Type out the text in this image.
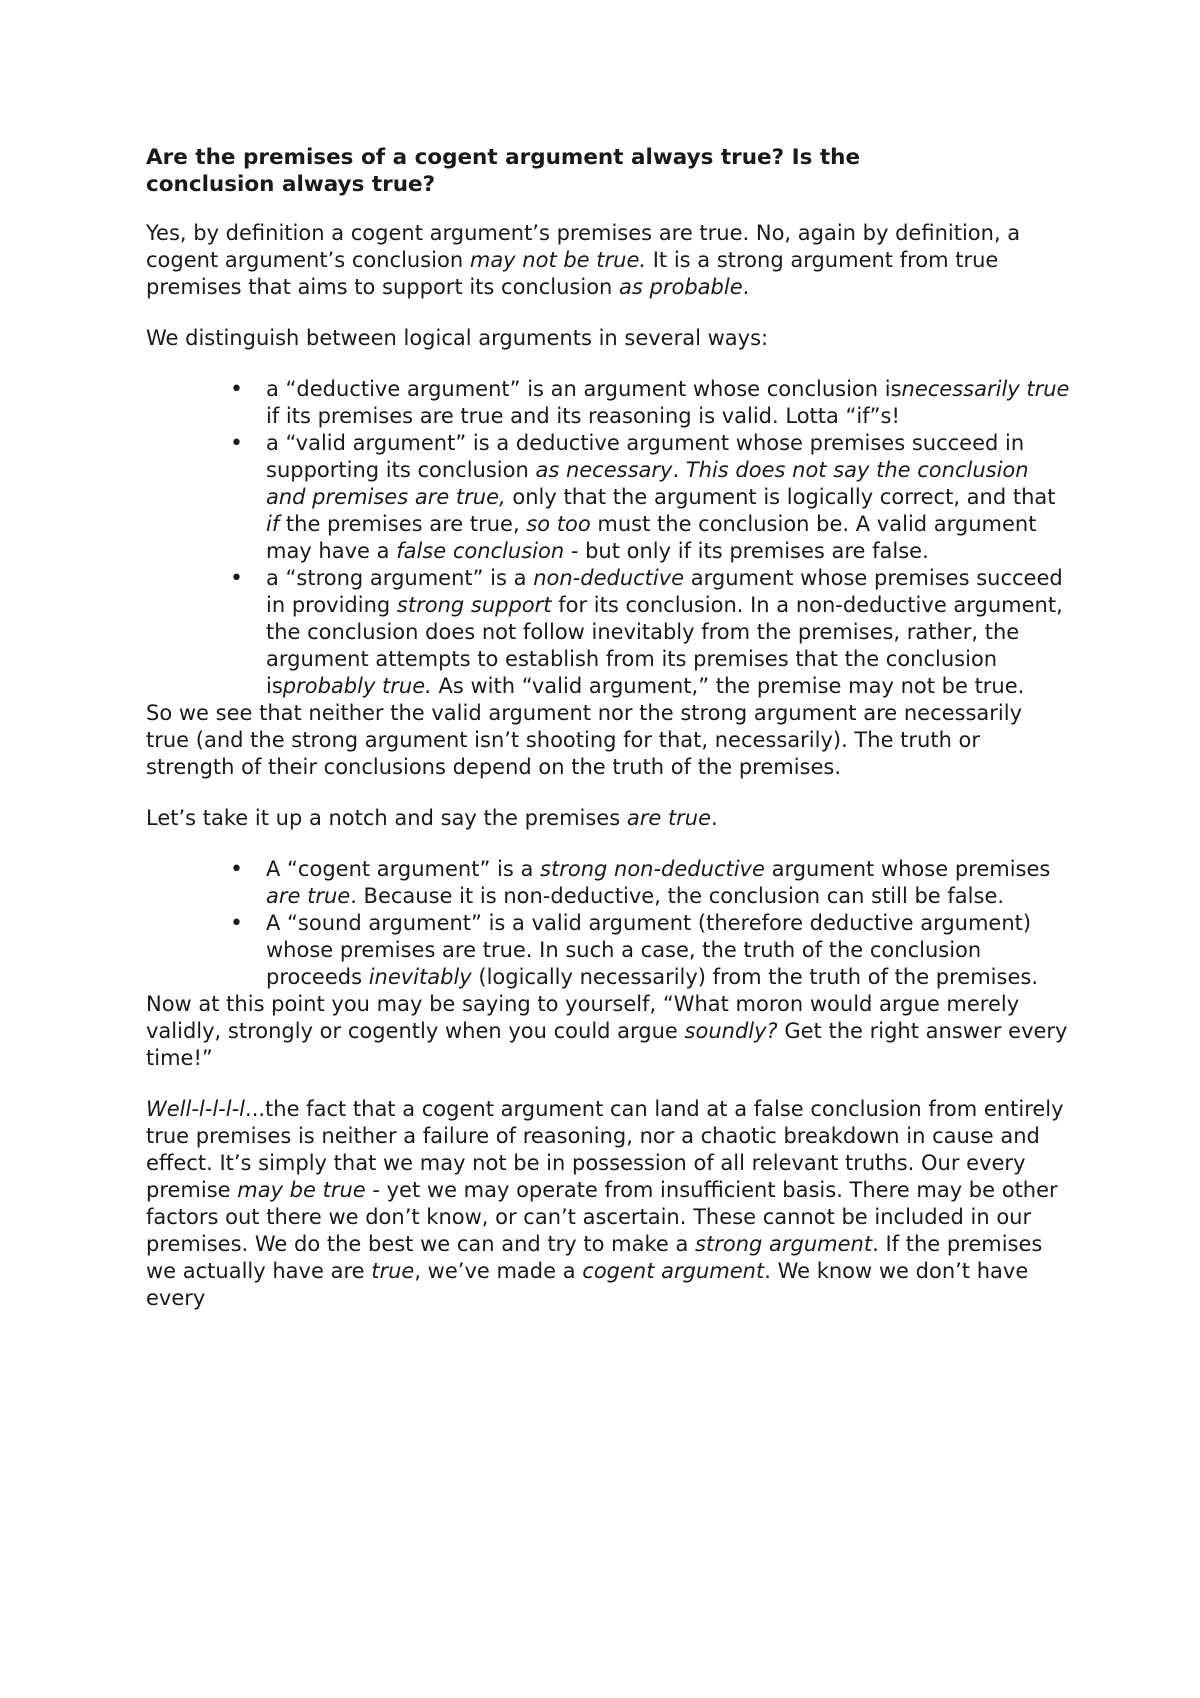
Are the premises of a cogent argument always true? Is the conclusion always true?

Yes, by definition a cogent argument’s premises are true. No, again by definition, a cogent argument’s conclusion may not be true. It is a strong argument from true premises that aims to support its conclusion as probable.

We distinguish between logical arguments in several ways:

• a “deductive argument” is an argument whose conclusion isnecessarily true if its premises are true and its reasoning is valid. Lotta “if”s!
• a “valid argument” is a deductive argument whose premises succeed in supporting its conclusion as necessary. This does not say the conclusion and premises are true, only that the argument is logically correct, and that if the premises are true, so too must the conclusion be. A valid argument may have a false conclusion - but only if its premises are false.
• a “strong argument” is a non-deductive argument whose premises succeed in providing strong support for its conclusion. In a non-deductive argument, the conclusion does not follow inevitably from the premises, rather, the argument attempts to establish from its premises that the conclusion isprobably true. As with “valid argument,” the premise may not be true.

So we see that neither the valid argument nor the strong argument are necessarily true (and the strong argument isn’t shooting for that, necessarily). The truth or strength of their conclusions depend on the truth of the premises.

Let’s take it up a notch and say the premises are true.

• A “cogent argument” is a strong non-deductive argument whose premises are true. Because it is non-deductive, the conclusion can still be false.
• A “sound argument” is a valid argument (therefore deductive argument) whose premises are true. In such a case, the truth of the conclusion proceeds inevitably (logically necessarily) from the truth of the premises.

Now at this point you may be saying to yourself, “What moron would argue merely validly, strongly or cogently when you could argue soundly? Get the right answer every time!”

Well-l-l-l-l...the fact that a cogent argument can land at a false conclusion from entirely true premises is neither a failure of reasoning, nor a chaotic breakdown in cause and effect. It’s simply that we may not be in possession of all relevant truths. Our every premise may be true - yet we may operate from insufficient basis. There may be other factors out there we don’t know, or can’t ascertain. These cannot be included in our premises. We do the best we can and try to make a strong argument. If the premises we actually have are true, we’ve made a cogent argument. We know we don’t have every
